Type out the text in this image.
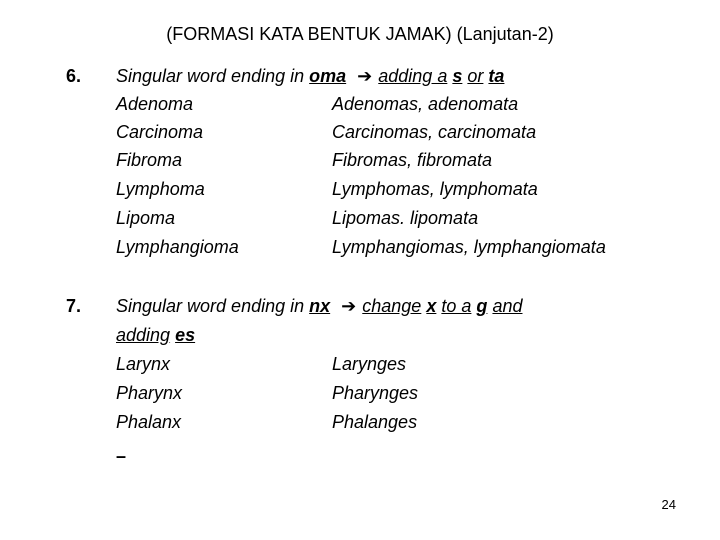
(FORMASI KATA BENTUK JAMAK) (Lanjutan-2)
6. Singular word ending in oma ➔ adding a s or ta
Adenoma	Adenomas, adenomata
Carcinoma	Carcinomas, carcinomata
Fibroma	Fibromas, fibromata
Lymphoma	Lymphomas, lymphomata
Lipoma	Lipomas. lipomata
Lymphangioma	Lymphangiomas, lymphangiomata
7. Singular word ending in nx ➔ change x to a g and
adding es
Larynx	Larynges
Pharynx	Pharynges
Phalanx	Phalanges
–
24
